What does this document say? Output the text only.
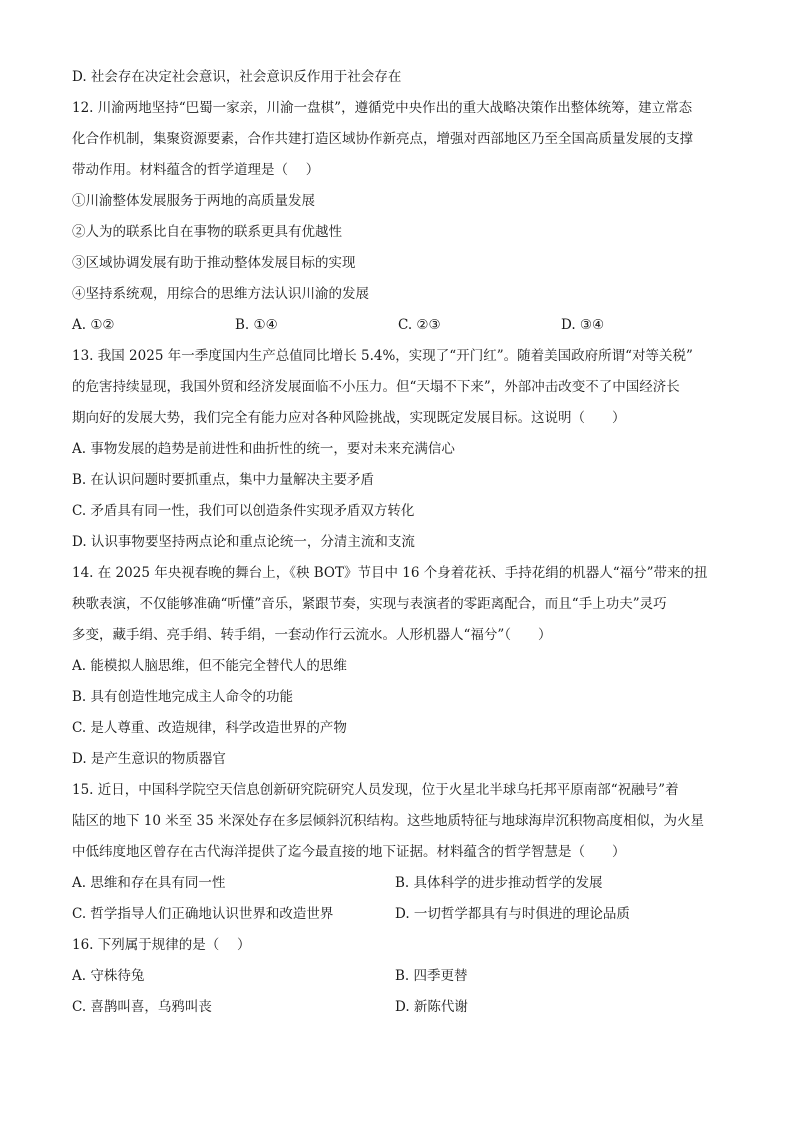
D. 社会存在决定社会意识，社会意识反作用于社会存在
12. 川渝两地坚持“巴蜀一家亲，川渝一盘棋”，遵循党中央作出的重大战略决策作出整体统筹，建立常态
化合作机制，集聚资源要素，合作共建打造区域协作新亮点，增强对西部地区乃至全国高质量发展的支撑
带动作用。材料蕴含的哲学道理是（　 ）
①川渝整体发展服务于两地的高质量发展
②人为的联系比自在事物的联系更具有优越性
③区域协调发展有助于推动整体发展目标的实现
④坚持系统观，用综合的思维方法认识川渝的发展
A. ①②	B. ①④	C. ②③	D. ③④
13. 我国 2025 年一季度国内生产总值同比增长 5.4%，实现了“开门红”。随着美国政府所谓“对等关税”
的危害持续显现，我国外贸和经济发展面临不小压力。但“天塌不下来”，外部冲击改变不了中国经济长
期向好的发展大势，我们完全有能力应对各种风险挑战，实现既定发展目标。这说明（　　）
A. 事物发展的趋势是前进性和曲折性的统一，要对未来充满信心
B. 在认识问题时要抓重点，集中力量解决主要矛盾
C. 矛盾具有同一性，我们可以创造条件实现矛盾双方转化
D. 认识事物要坚持两点论和重点论统一，分清主流和支流
14. 在 2025 年央视春晚的舞台上，《秧 BOT》节目中 16 个身着花袄、手持花绢的机器人“福兮”带来的扭
秧歌表演，不仅能够准确“听懂”音乐，紧跟节奏，实现与表演者的零距离配合，而且“手上功夫”灵巧
多变，藏手绢、亮手绢、转手绢，一套动作行云流水。人形机器人“福兮”（　　）
A. 能模拟人脑思维，但不能完全替代人的思维
B. 具有创造性地完成主人命令的功能
C. 是人尊重、改造规律，科学改造世界的产物
D. 是产生意识的物质器官
15. 近日，中国科学院空天信息创新研究院研究人员发现，位于火星北半球乌托邦平原南部“祝融号”着
陆区的地下 10 米至 35 米深处存在多层倾斜沉积结构。这些地质特征与地球海岸沉积物高度相似，为火星
中低纬度地区曾存在古代海洋提供了迄今最直接的地下证据。材料蕴含的哲学智慧是（　　）
A. 思维和存在具有同一性	B. 具体科学的进步推动哲学的发展
C. 哲学指导人们正确地认识世界和改造世界	D. 一切哲学都具有与时俱进的理论品质
16. 下列属于规律的是（　 ）
A. 守株待兔	B. 四季更替
C. 喜鹊叫喜，乌鸦叫丧	D. 新陈代谢
